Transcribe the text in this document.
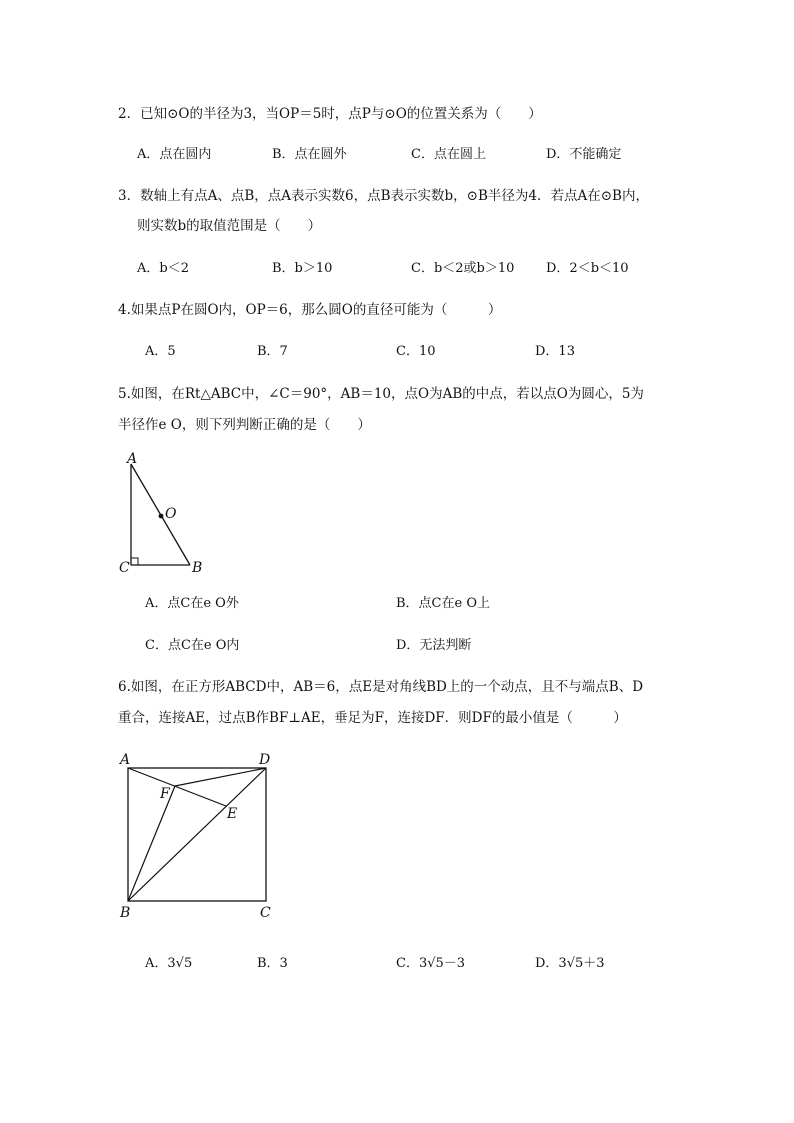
2．已知⊙O的半径为3，当OP＝5时，点P与⊙O的位置关系为（　　）
A．点在圆内	B．点在圆外	C．点在圆上	D．不能确定
3．数轴上有点A、点B，点A表示实数6，点B表示实数b，⊙B半径为4．若点A在⊙B内，
则实数b的取值范围是（　　）
A．b＜2	B．b＞10	C．b＜2或b＞10 D．2＜b＜10
4.如果点P在圆O内，OP＝6，那么圆O的直径可能为（　　　）
A．5	B．7	C．10	D．13
5.如图，在Rt△ABC中，∠C＝90°，AB＝10，点O为AB的中点，若以点O为圆心，5为
半径作e O，则下列判断正确的是（　　）
A
O
C	B
A．点C在e O外	B．点C在e O上
C．点C在e O内	D．无法判断
6.如图，在正方形ABCD中，AB＝6，点E是对角线BD上的一个动点，且不与端点B、D
重合，连接AE，过点B作BF⊥AE，垂足为F，连接DF．则DF的最小值是（　　　）
A	D
F
E
B	C
A．3√5	B．3	C．3√5－3	D．3√5＋3
